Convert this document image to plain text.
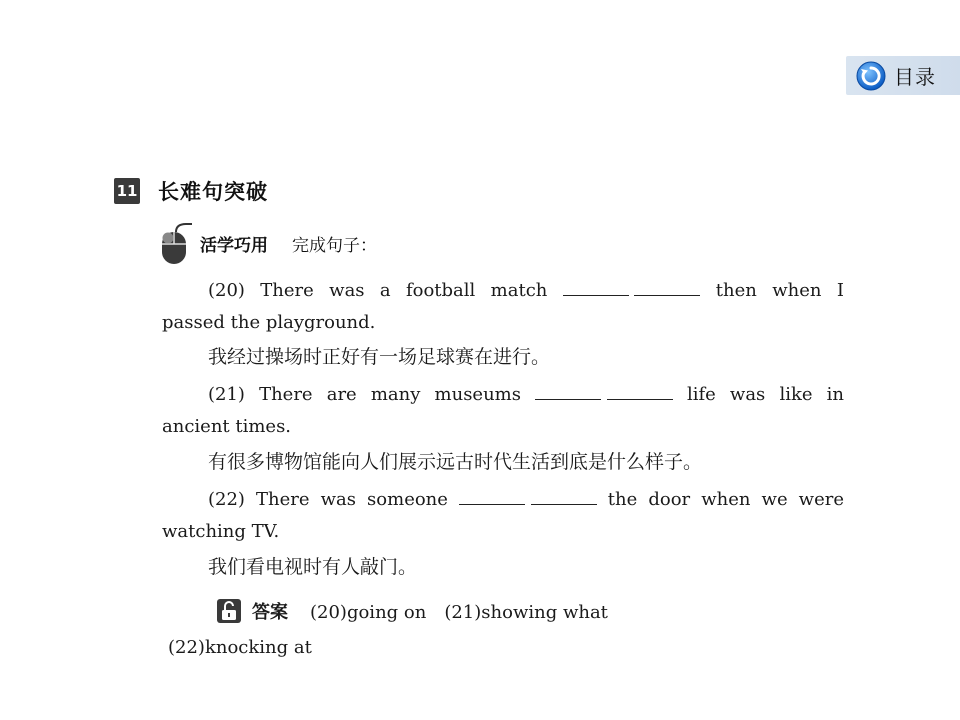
目录
11 长难句突破
活学巧用 完成句子：
(20) There was a football match
	then when I
passed the playground.
我经过操场时正好有一场足球赛在进行。
(21) There are many museums
	life was like in
ancient times.
有很多博物馆能向人们展示远古时代生活到底是什么样子。
(22) There was someone
	the door when we were
watching TV.
我们看电视时有人敲门。
答案 (20)going on　(21)showing what
(22)knocking at
